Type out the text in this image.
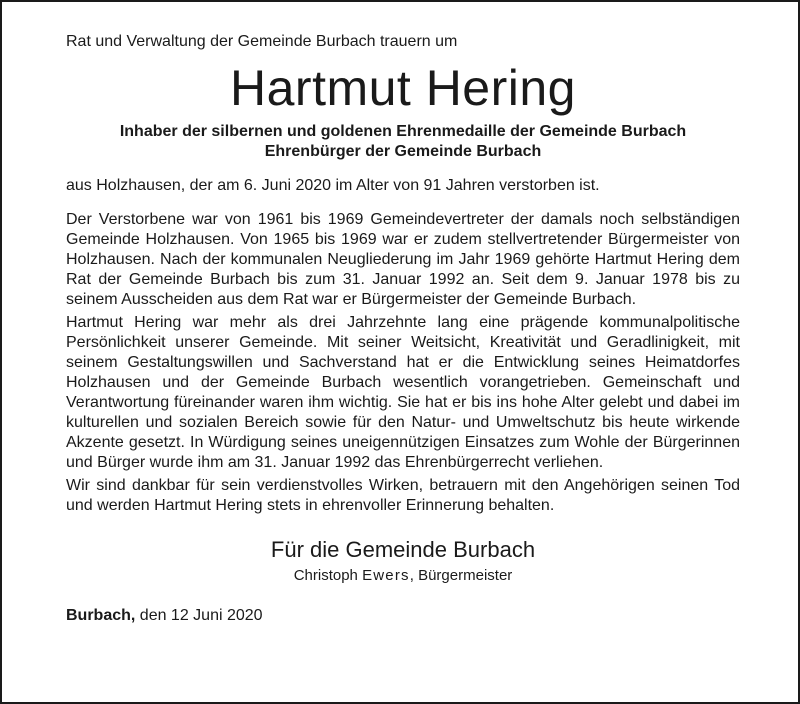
Rat und Verwaltung der Gemeinde Burbach trauern um

Hartmut Hering
Inhaber der silbernen und goldenen Ehrenmedaille der Gemeinde Burbach
Ehrenbürger der Gemeinde Burbach

aus Holzhausen, der am 6. Juni 2020 im Alter von 91 Jahren verstorben ist.

Der Verstorbene war von 1961 bis 1969 Gemeindevertreter der damals noch selbständigen Gemeinde Holzhausen. Von 1965 bis 1969 war er zudem stellvertretender Bürgermeister von Holzhausen. Nach der kommunalen Neugliederung im Jahr 1969 gehörte Hartmut Hering dem Rat der Gemeinde Burbach bis zum 31. Januar 1992 an. Seit dem 9. Januar 1978 bis zu seinem Ausscheiden aus dem Rat war er Bürgermeister der Gemeinde Burbach.

Hartmut Hering war mehr als drei Jahrzehnte lang eine prägende kommunalpolitische Persönlichkeit unserer Gemeinde. Mit seiner Weitsicht, Kreativität und Geradlinigkeit, mit seinem Gestaltungswillen und Sachverstand hat er die Entwicklung seines Heimatdorfes Holzhausen und der Gemeinde Burbach wesentlich vorangetrieben. Gemeinschaft und Verantwortung füreinander waren ihm wichtig. Sie hat er bis ins hohe Alter gelebt und dabei im kulturellen und sozialen Bereich sowie für den Natur- und Umweltschutz bis heute wirkende Akzente gesetzt. In Würdigung seines uneigennützigen Einsatzes zum Wohle der Bürgerinnen und Bürger wurde ihm am 31. Januar 1992 das Ehrenbürgerrecht verliehen.

Wir sind dankbar für sein verdienstvolles Wirken, betrauern mit den Angehörigen seinen Tod und werden Hartmut Hering stets in ehrenvoller Erinnerung behalten.

Für die Gemeinde Burbach
Christoph Ewers, Bürgermeister
Burbach, den 12 Juni 2020
